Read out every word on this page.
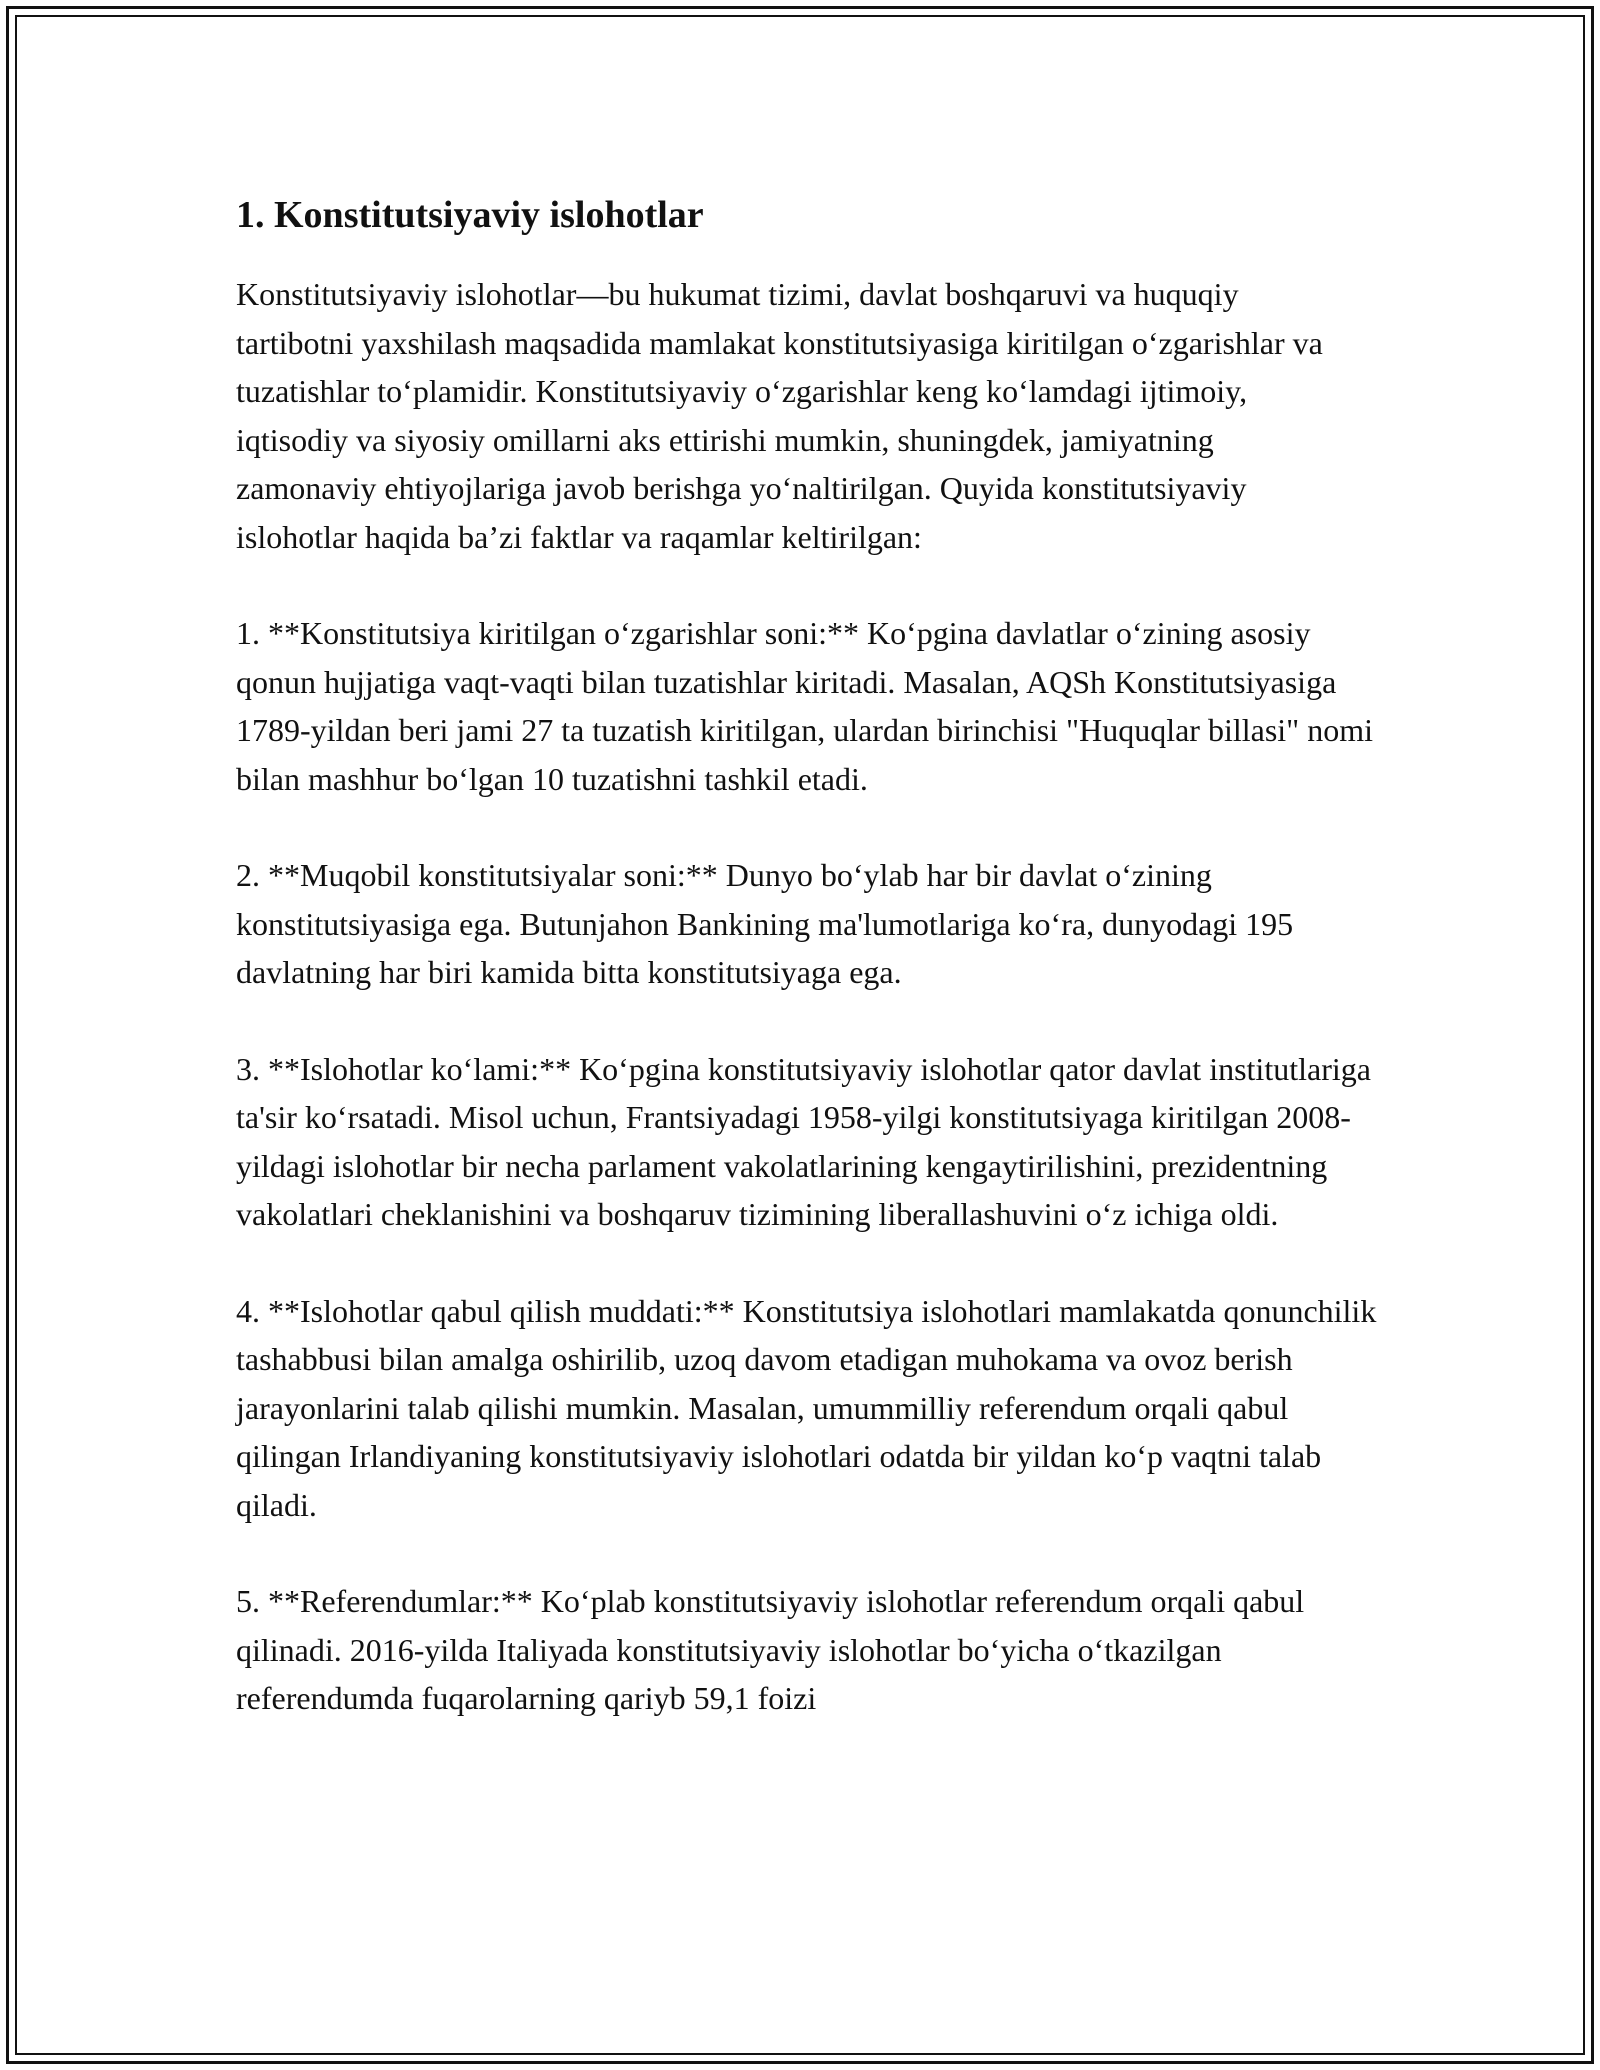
1. Konstitutsiyaviy islohotlar

Konstitutsiyaviy islohotlar—bu hukumat tizimi, davlat boshqaruvi va huquqiy tartibotni yaxshilash maqsadida mamlakat konstitutsiyasiga kiritilgan oʻzgarishlar va tuzatishlar toʻplamidir. Konstitutsiyaviy oʻzgarishlar keng koʻlamdagi ijtimoiy, iqtisodiy va siyosiy omillarni aks ettirishi mumkin, shuningdek, jamiyatning zamonaviy ehtiyojlariga javob berishga yoʻnaltirilgan. Quyida konstitutsiyaviy islohotlar haqida baʼzi faktlar va raqamlar keltirilgan:

1. **Konstitutsiya kiritilgan oʻzgarishlar soni:** Koʻpgina davlatlar oʻzining asosiy qonun hujjatiga vaqt-vaqti bilan tuzatishlar kiritadi. Masalan, AQSh Konstitutsiyasiga 1789-yildan beri jami 27 ta tuzatish kiritilgan, ulardan birinchisi "Huquqlar billasi" nomi bilan mashhur boʻlgan 10 tuzatishni tashkil etadi.

2. **Muqobil konstitutsiyalar soni:** Dunyo boʻylab har bir davlat oʻzining konstitutsiyasiga ega. Butunjahon Bankining ma'lumotlariga koʻra, dunyodagi 195 davlatning har biri kamida bitta konstitutsiyaga ega.

3. **Islohotlar koʻlami:** Koʻpgina konstitutsiyaviy islohotlar qator davlat institutlariga ta'sir koʻrsatadi. Misol uchun, Frantsiyadagi 1958-yilgi konstitutsiyaga kiritilgan 2008-yildagi islohotlar bir necha parlament vakolatlarining kengaytirilishini, prezidentning vakolatlari cheklanishini va boshqaruv tizimining liberallashuvini oʻz ichiga oldi.

4. **Islohotlar qabul qilish muddati:** Konstitutsiya islohotlari mamlakatda qonunchilik tashabbusi bilan amalga oshirilib, uzoq davom etadigan muhokama va ovoz berish jarayonlarini talab qilishi mumkin. Masalan, umummilliy referendum orqali qabul qilingan Irlandiyaning konstitutsiyaviy islohotlari odatda bir yildan koʻp vaqtni talab qiladi.

5. **Referendumlar:** Koʻplab konstitutsiyaviy islohotlar referendum orqali qabul qilinadi. 2016-yilda Italiyada konstitutsiyaviy islohotlar boʻyicha oʻtkazilgan referendumda fuqarolarning qariyb 59,1 foizi
